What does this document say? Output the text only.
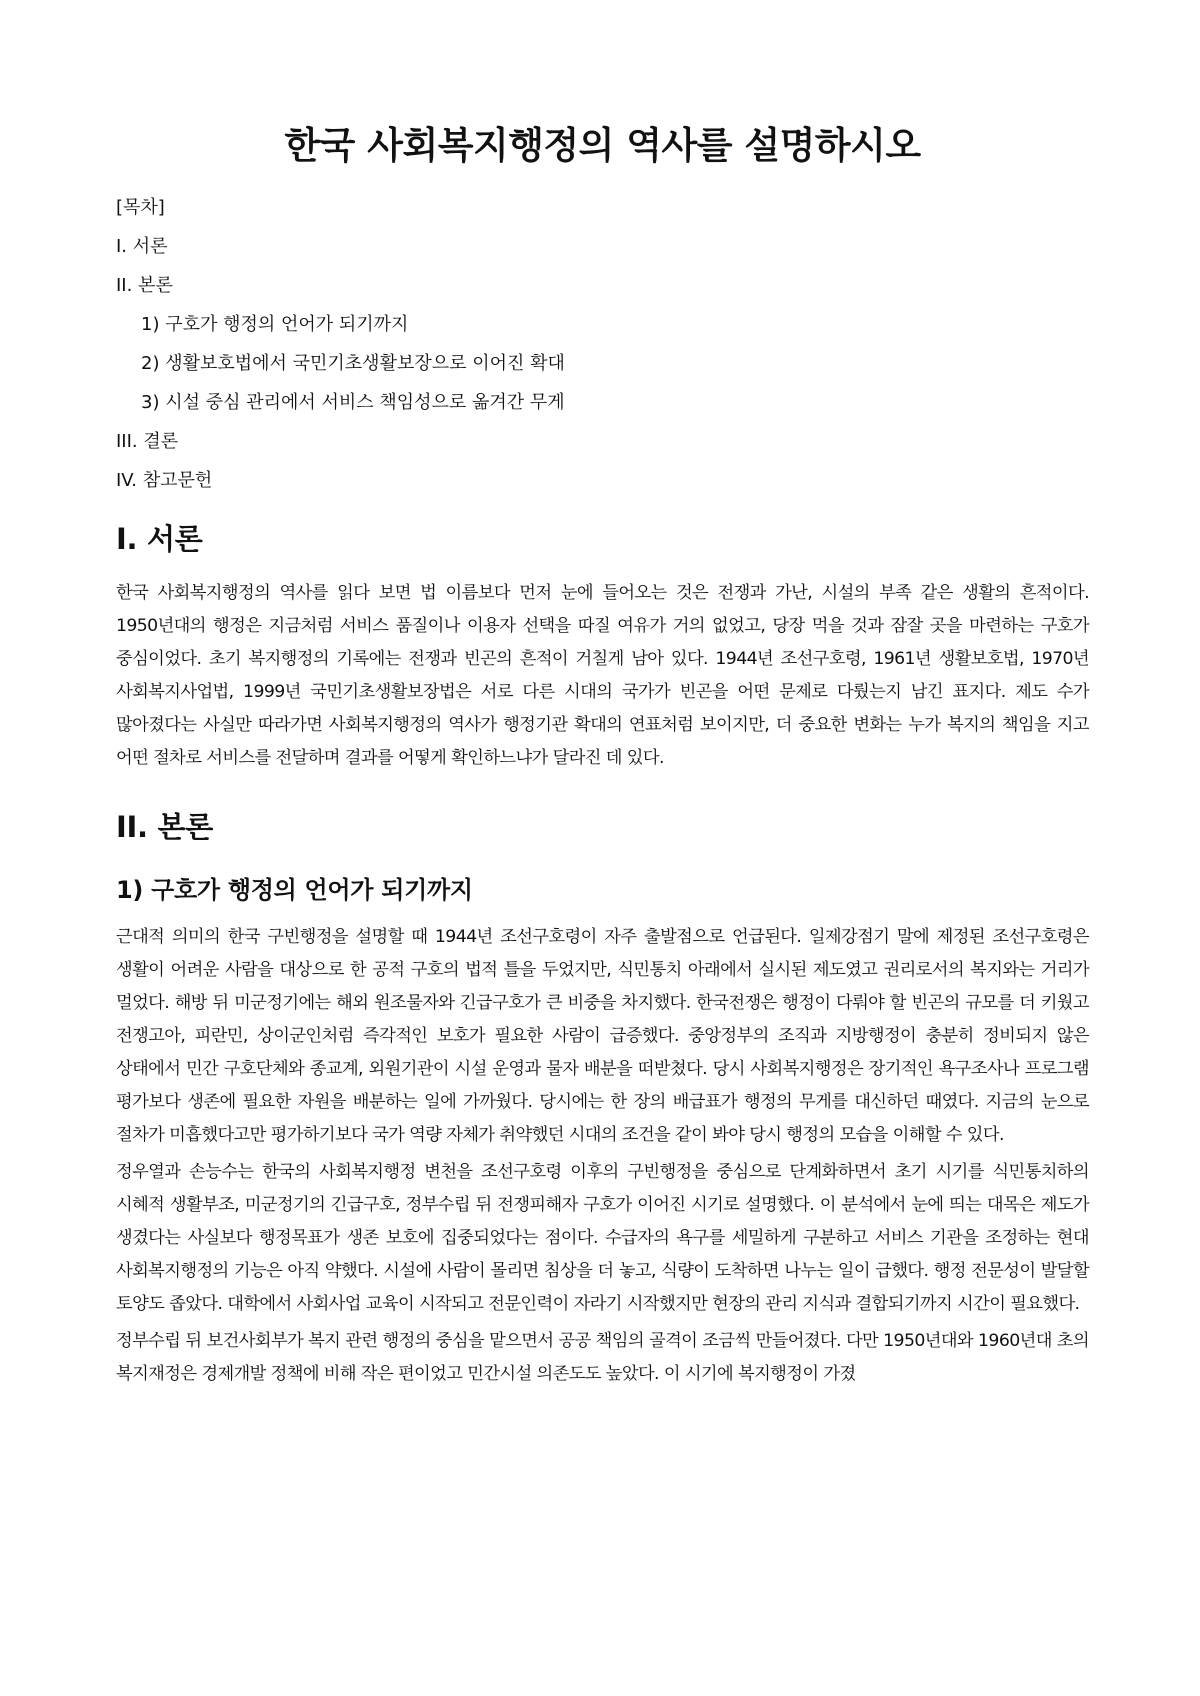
한국 사회복지행정의 역사를 설명하시오
[목차]
I. 서론
II. 본론
1) 구호가 행정의 언어가 되기까지
2) 생활보호법에서 국민기초생활보장으로 이어진 확대
3) 시설 중심 관리에서 서비스 책임성으로 옮겨간 무게
III. 결론
IV. 참고문헌
I. 서론

한국 사회복지행정의 역사를 읽다 보면 법 이름보다 먼저 눈에 들어오는 것은 전쟁과 가난, 시설의 부족 같은 생활의 흔적이다. 1950년대의 행정은 지금처럼 서비스 품질이나 이용자 선택을 따질 여유가 거의 없었고, 당장 먹을 것과 잠잘 곳을 마련하는 구호가 중심이었다. 초기 복지행정의 기록에는 전쟁과 빈곤의 흔적이 거칠게 남아 있다. 1944년 조선구호령, 1961년 생활보호법, 1970년 사회복지사업법, 1999년 국민기초생활보장법은 서로 다른 시대의 국가가 빈곤을 어떤 문제로 다뤘는지 남긴 표지다. 제도 수가 많아졌다는 사실만 따라가면 사회복지행정의 역사가 행정기관 확대의 연표처럼 보이지만, 더 중요한 변화는 누가 복지의 책임을 지고 어떤 절차로 서비스를 전달하며 결과를 어떻게 확인하느냐가 달라진 데 있다.

II. 본론
1) 구호가 행정의 언어가 되기까지

근대적 의미의 한국 구빈행정을 설명할 때 1944년 조선구호령이 자주 출발점으로 언급된다. 일제강점기 말에 제정된 조선구호령은 생활이 어려운 사람을 대상으로 한 공적 구호의 법적 틀을 두었지만, 식민통치 아래에서 실시된 제도였고 권리로서의 복지와는 거리가 멀었다. 해방 뒤 미군정기에는 해외 원조물자와 긴급구호가 큰 비중을 차지했다. 한국전쟁은 행정이 다뤄야 할 빈곤의 규모를 더 키웠고 전쟁고아, 피란민, 상이군인처럼 즉각적인 보호가 필요한 사람이 급증했다. 중앙정부의 조직과 지방행정이 충분히 정비되지 않은 상태에서 민간 구호단체와 종교계, 외원기관이 시설 운영과 물자 배분을 떠받쳤다. 당시 사회복지행정은 장기적인 욕구조사나 프로그램 평가보다 생존에 필요한 자원을 배분하는 일에 가까웠다. 당시에는 한 장의 배급표가 행정의 무게를 대신하던 때였다. 지금의 눈으로 절차가 미흡했다고만 평가하기보다 국가 역량 자체가 취약했던 시대의 조건을 같이 봐야 당시 행정의 모습을 이해할 수 있다.

정우열과 손능수는 한국의 사회복지행정 변천을 조선구호령 이후의 구빈행정을 중심으로 단계화하면서 초기 시기를 식민통치하의 시혜적 생활부조, 미군정기의 긴급구호, 정부수립 뒤 전쟁피해자 구호가 이어진 시기로 설명했다. 이 분석에서 눈에 띄는 대목은 제도가 생겼다는 사실보다 행정목표가 생존 보호에 집중되었다는 점이다. 수급자의 욕구를 세밀하게 구분하고 서비스 기관을 조정하는 현대 사회복지행정의 기능은 아직 약했다. 시설에 사람이 몰리면 침상을 더 놓고, 식량이 도착하면 나누는 일이 급했다. 행정 전문성이 발달할 토양도 좁았다. 대학에서 사회사업 교육이 시작되고 전문인력이 자라기 시작했지만 현장의 관리 지식과 결합되기까지 시간이 필요했다.

정부수립 뒤 보건사회부가 복지 관련 행정의 중심을 맡으면서 공공 책임의 골격이 조금씩 만들어졌다. 다만 1950년대와 1960년대 초의 복지재정은 경제개발 정책에 비해 작은 편이었고 민간시설 의존도도 높았다. 이 시기에 복지행정이 가졌
